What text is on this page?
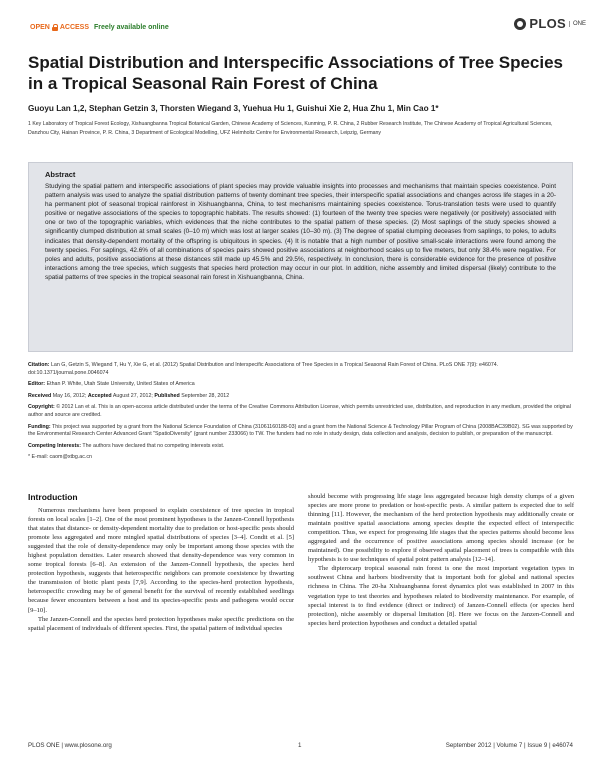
OPEN ACCESS Freely available online	PLOS	ONE
Spatial Distribution and Interspecific Associations of Tree Species in a Tropical Seasonal Rain Forest of China
Guoyu Lan 1,2, Stephan Getzin 3, Thorsten Wiegand 3, Yuehua Hu 1, Guishui Xie 2, Hua Zhu 1, Min Cao 1*
1 Key Laboratory of Tropical Forest Ecology, Xishuangbanna Tropical Botanical Garden, Chinese Academy of Sciences, Kunming, P. R. China, 2 Rubber Research Institute, The Chinese Academy of Tropical Agricultural Sciences, Danzhou City, Hainan Province, P. R. China, 3 Department of Ecological Modelling, UFZ Helmholtz Centre for Environmental Research, Leipzig, Germany
Abstract
Studying the spatial pattern and interspecific associations of plant species may provide valuable insights into processes and mechanisms that maintain species coexistence. Point pattern analysis was used to analyze the spatial distribution patterns of twenty dominant tree species, their interspecific spatial associations and changes across life stages in a 20-ha permanent plot of seasonal tropical rainforest in Xishuangbanna, China, to test mechanisms maintaining species coexistence. Torus-translation tests were used to quantify positive or negative associations of the species to topographic habitats. The results showed: (1) fourteen of the twenty tree species were negatively (or positively) associated with one or two of the topographic variables, which evidences that the niche contributes to the spatial pattern of these species. (2) Most saplings of the study species showed a significantly clumped distribution at small scales (0–10 m) which was lost at larger scales (10–30 m). (3) The degree of spatial clumping deceases from saplings, to poles, to adults indicates that density-dependent mortality of the offspring is ubiquitous in species. (4) It is notable that a high number of positive small-scale interactions were found among the twenty species. For saplings, 42.6% of all combinations of species pairs showed positive associations at neighborhood scales up to five meters, but only 38.4% were negative. For poles and adults, positive associations at these distances still made up 45.5% and 29.5%, respectively. In conclusion, there is considerable evidence for the presence of positive interactions among the tree species, which suggests that species herd protection may occur in our plot. In addition, niche assembly and limited dispersal (likely) contribute to the spatial patterns of tree species in the tropical seasonal rain forest in Xishuangbanna, China.

Citation: Lan G, Getzin S, Wiegand T, Hu Y, Xie G, et al. (2012) Spatial Distribution and Interspecific Associations of Tree Species in a Tropical Seasonal Rain Forest of China. PLoS ONE 7(9): e46074. doi:10.1371/journal.pone.0046074

Editor: Ethan P. White, Utah State University, United States of America

Received May 16, 2012; Accepted August 27, 2012; Published September 28, 2012

Copyright: © 2012 Lan et al. This is an open-access article distributed under the terms of the Creative Commons Attribution License, which permits unrestricted use, distribution, and reproduction in any medium, provided the original author and source are credited.

Funding: This project was supported by a grant from the National Science Foundation of China (31061160188-03) and a grant from the National Science & Technology Pillar Program of China (2008BAC39B02). SG was supported by the Environmental Research Center Advanced Grant "SpatioDiversity" (grant number 233066) to TW. The funders had no role in study design, data collection and analysis, decision to publish, or preparation of the manuscript.

Competing Interests: The authors have declared that no competing interests exist.

* E-mail: caom@xtbg.ac.cn

Introduction

Numerous mechanisms have been proposed to explain coexistence of tree species in tropical forests on local scales [1–2]. One of the most prominent hypotheses is the Janzen-Connell hypothesis that states that distance- or density-dependent mortality due to predation or host-specific pests should promote less aggregated and more mingled spatial distributions of species [3–4]. Condit et al. [5] suggested that the role of density-dependence may only be important among those species with the highest population densities. Later research showed that density-dependence was very common in some tropical forests [6–8]. An extension of the Janzen-Connell hypothesis, the species herd protection hypothesis, suggests that heterospecific neighbors can promote coexistence by thwarting the transmission of biotic plant pests [7,9]. According to the species-herd protection hypothesis, heterospecific crowding may be of general benefit for the survival of recently established seedlings because fewer encounters between a host and its species-specific pests and pathogens would occur [9–10].

The Janzen-Connell and the species herd protection hypotheses make specific predictions on the spatial placement of individuals of different species. First, the spatial pattern of individual species

should become with progressing life stage less aggregated because high density clumps of a given species are more prone to predation or host-specific pests. A similar pattern is expected due to self thinning [11]. However, the mechanism of the herd protection hypothesis may additionally create or maintain positive spatial associations among species despite the expected effect of interspecific competition. Thus, we expect for progressing life stages that the species patterns should become less aggregated and the occurrence of positive associations among species should increase (or be maintained). One possibility to explore if observed spatial placement of trees is compatible with this hypothesis is to use techniques of spatial point pattern analysis [12–14].

The dipterocarp tropical seasonal rain forest is one the most important vegetation types in southwest China and harbors biodiversity that is important both for global and national species richness in China. The 20-ha Xishuangbanna forest dynamics plot was established in 2007 in this vegetation type to test theories and hypotheses related to biodiversity maintenance. For example, of special interest is to find evidence (direct or indirect) of Janzen-Connell effects (or species herd protection), niche assembly or dispersal limitation [8]. Here we focus on the Janzen-Connell and species herd protection hypotheses and conduct a detailed spatial

PLOS ONE | www.plosone.org	1	September 2012 | Volume 7 | Issue 9 | e46074
